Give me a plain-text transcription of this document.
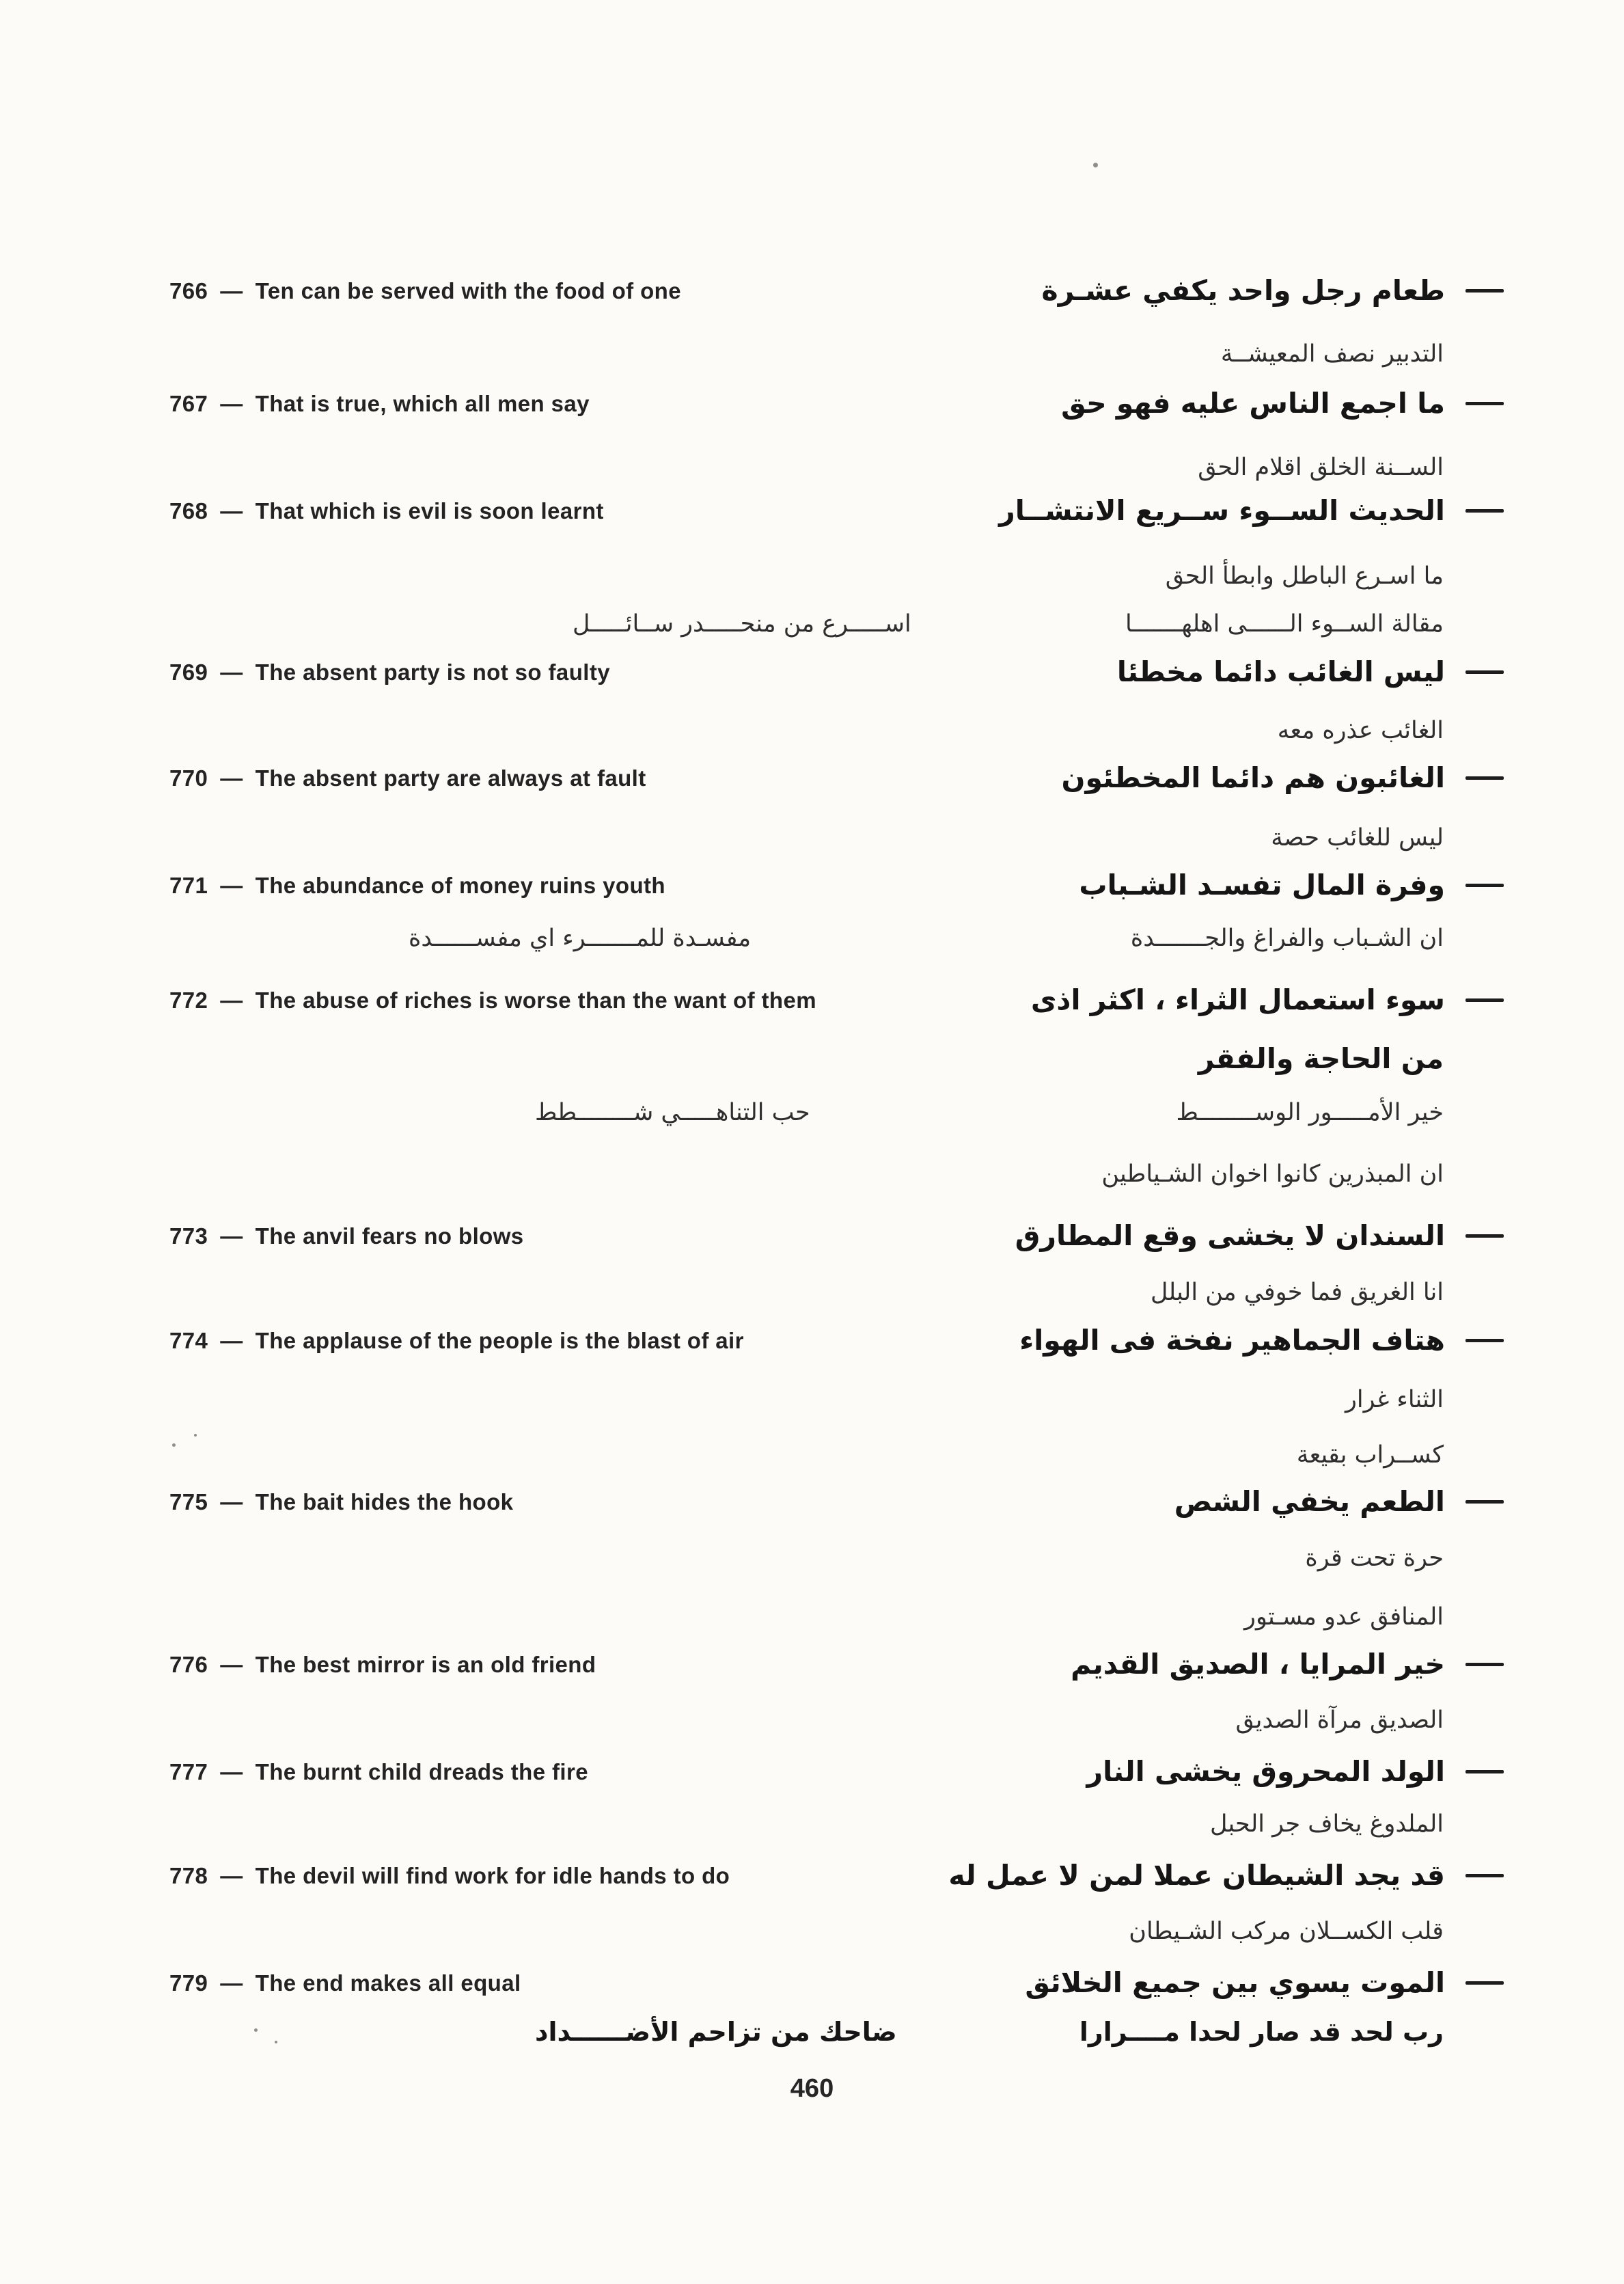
766 — Ten can be served with the food of one	طعام رجل واحد يكفي عشـرة
التدبير نصف المعيشــة
767 — That is true, which all men say	ما اجمع الناس عليه فهو حق
الســنة الخلق اقلام الحق
768 — That which is evil is soon learnt	الحديث الســوء ســريع الانتشــار
ما اسـرع الباطل وابطأ الحق
اســـــرع من منحـــــدر ســائـــــل	مقالة الســوء الــــــى اهلهـــــــا
769 — The absent party is not so faulty	ليس الغائب دائما مخطئا
الغائب عذره معه
770 — The absent party are always at fault	الغائبون هم دائما المخطئون
ليس للغائب حصة
771 — The abundance of money ruins youth	وفرة المال تفسـد الشـباب
مفسـدة للمـــــــرء اي مفســــــدة	ان الشـباب والفراغ والجـــــــدة
772 — The abuse of riches is worse than the want of them	سوء استعمال الثراء ، اكثر اذى
من الحاجة والفقر
حب التناهـــــي شــــــــطط	خير الأمـــــور الوســــــــط
ان المبذرين كانوا اخوان الشـياطين
773 — The anvil fears no blows	السندان لا يخشى وقع المطارق
انا الغريق فما خوفي من البلل
774 — The applause of the people is the blast of air	هتاف الجماهير نفخة فى الهواء
الثناء غرار
كســراب بقيعة
775 — The bait hides the hook	الطعم يخفي الشص
حرة تحت قرة
المنافق عدو مسـتور
776 — The best mirror is an old friend	خير المرايا ، الصديق القديم
الصديق مرآة الصديق
777 — The burnt child dreads the fire	الولد المحروق يخشى النار
الملدوغ يخاف جر الحبل
778 — The devil will find work for idle hands to do	قد يجد الشيطان عملا لمن لا عمل له
قلب الكســلان مركب الشـيطان
779 — The end makes all equal	الموت يسوي بين جميع الخلائق
ضاحك من تزاحم الأضــــــداد	رب لحد قد صار لحدا مــــرارا
460
